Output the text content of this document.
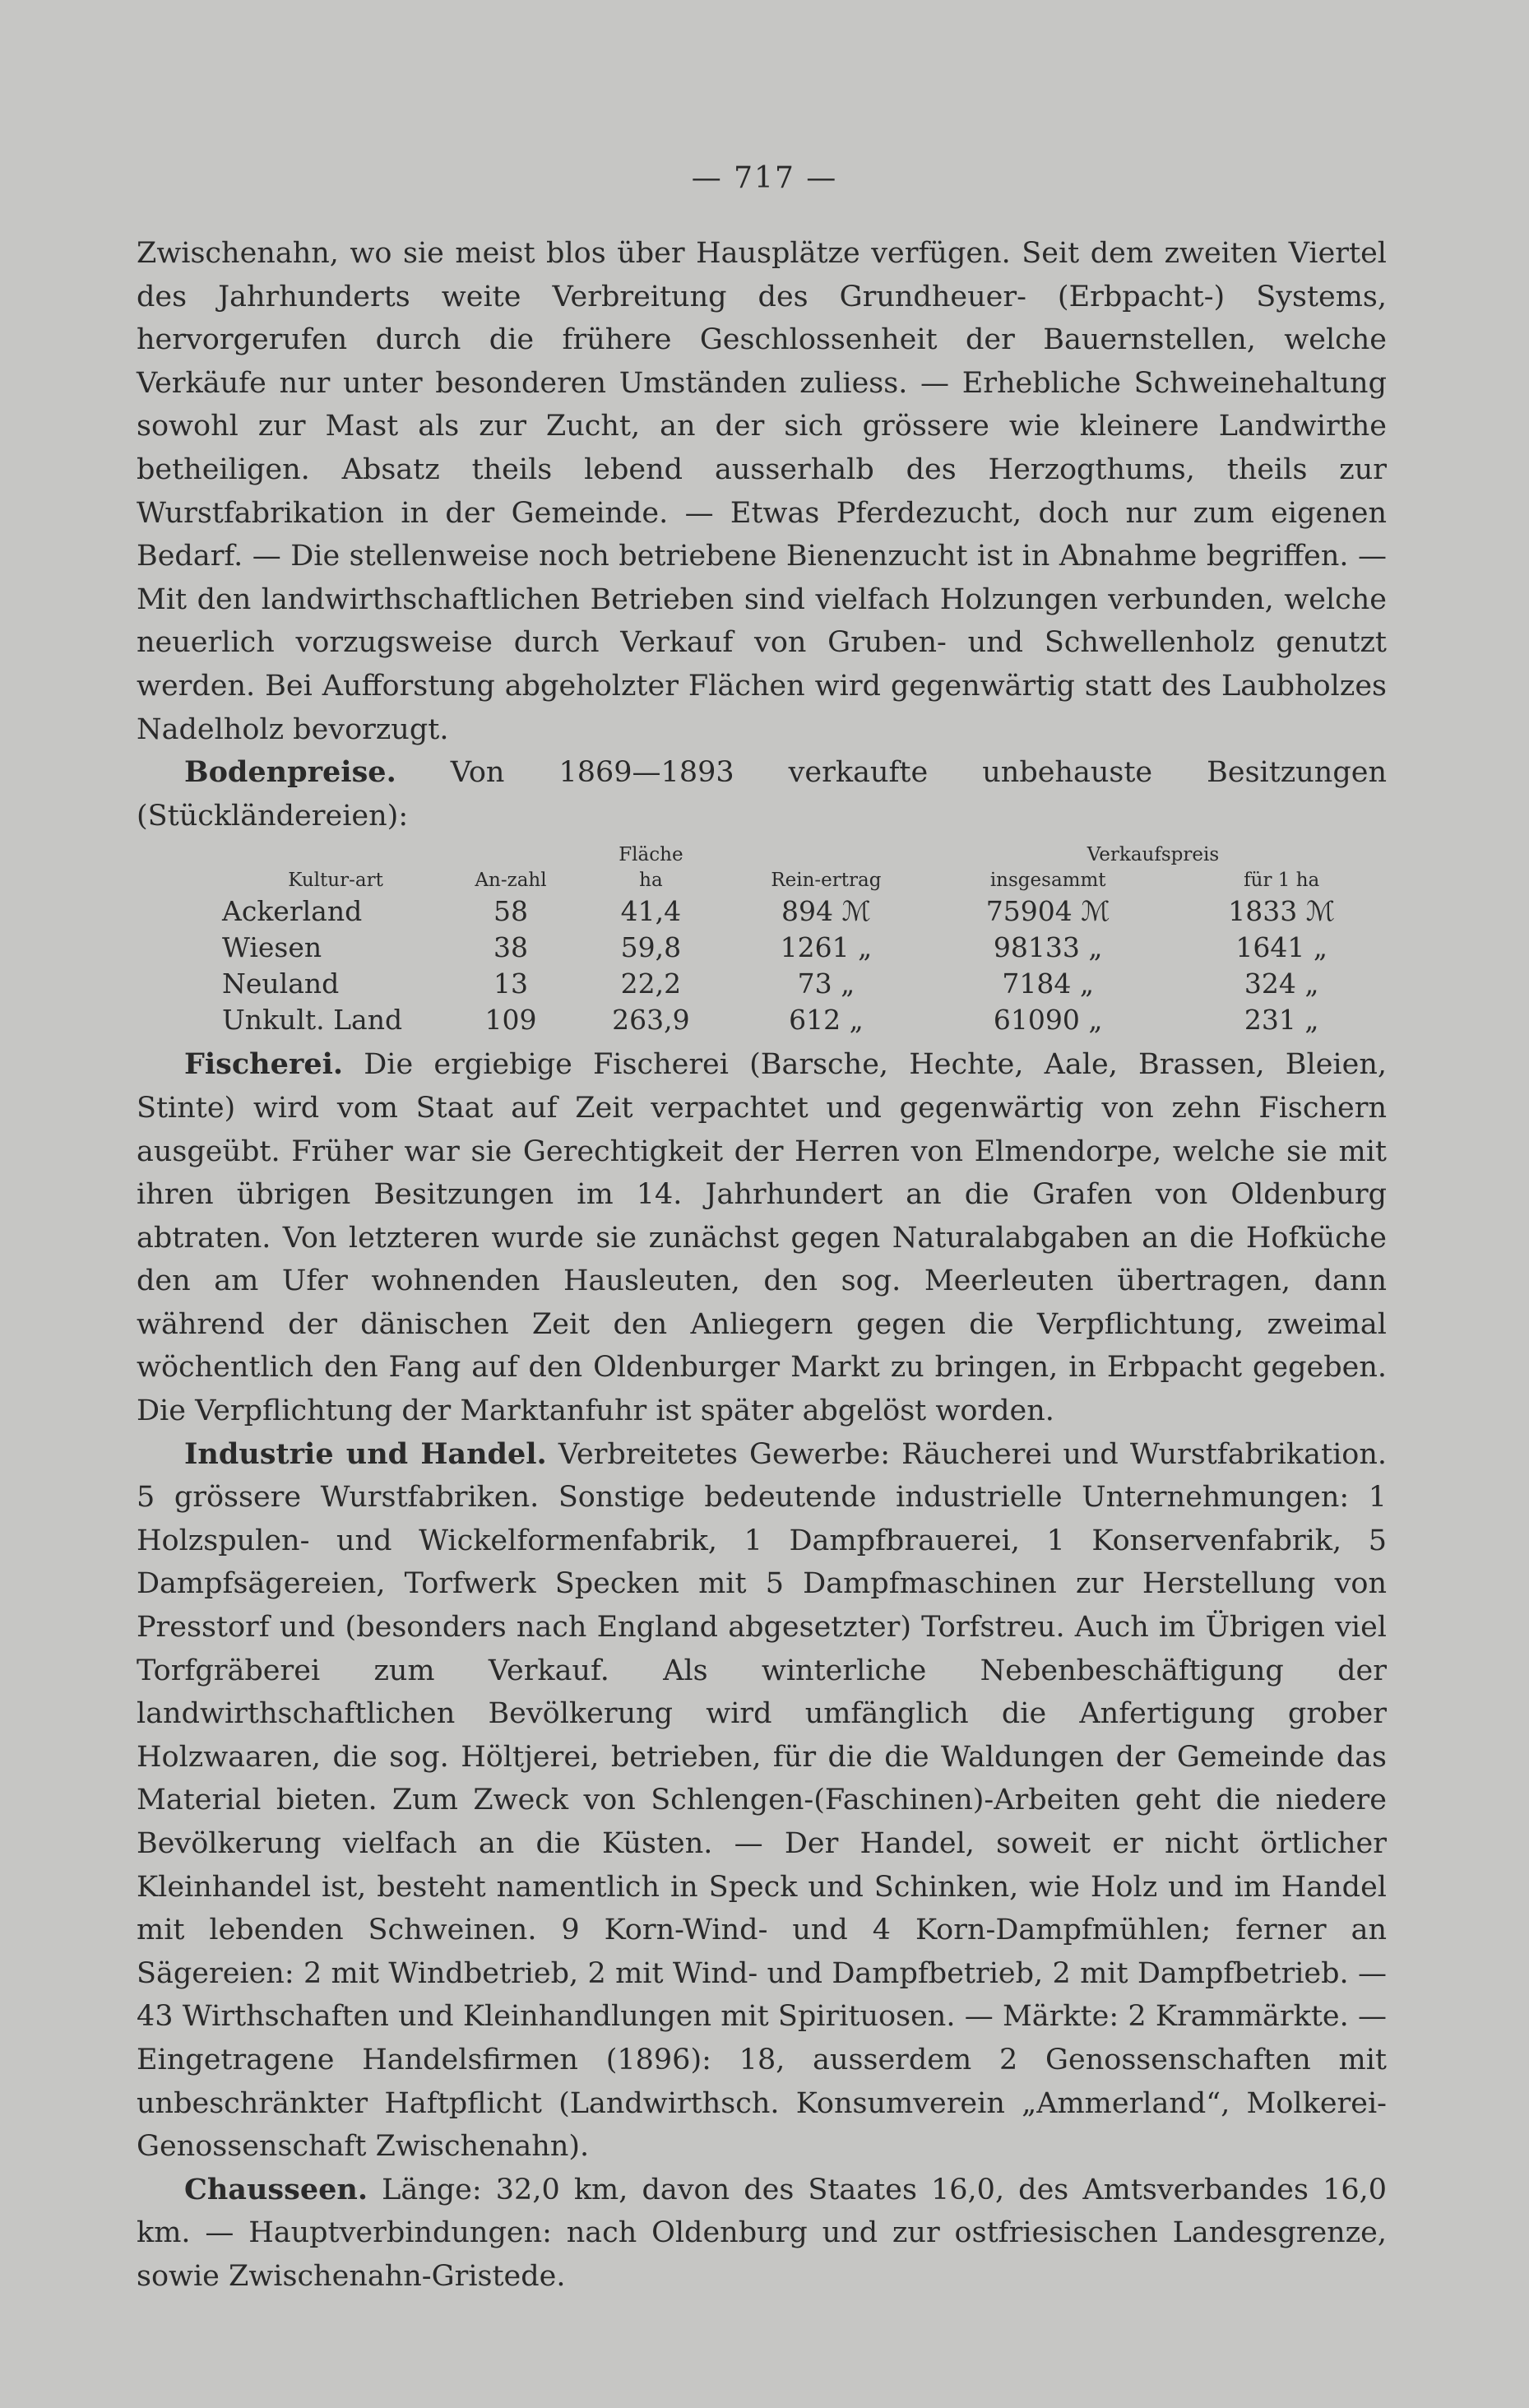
— 717 —

Zwischenahn, wo sie meist blos über Hausplätze verfügen. Seit dem zweiten Viertel des Jahrhunderts weite Verbreitung des Grundheuer- (Erbpacht-) Systems, hervorgerufen durch die frühere Geschlossenheit der Bauernstellen, welche Verkäufe nur unter besonderen Umständen zuliess. — Erhebliche Schweinehaltung sowohl zur Mast als zur Zucht, an der sich grössere wie kleinere Landwirthe betheiligen. Absatz theils lebend ausserhalb des Herzogthums, theils zur Wurstfabrikation in der Gemeinde. — Etwas Pferdezucht, doch nur zum eigenen Bedarf. — Die stellenweise noch betriebene Bienenzucht ist in Abnahme begriffen. — Mit den landwirthschaftlichen Betrieben sind vielfach Holzungen verbunden, welche neuerlich vorzugsweise durch Verkauf von Gruben- und Schwellenholz genutzt werden. Bei Aufforstung abgeholzter Flächen wird gegenwärtig statt des Laubholzes Nadelholz bevorzugt.

Bodenpreise. Von 1869—1893 verkaufte unbehauste Besitzungen (Stückländereien):

Kultur-art	An-zahl	Fläche	Rein-ertrag	Verkaufspreis	
		ha		insgesammt	für 1 ha
Ackerland	58	41,4	894 ℳ	75904 ℳ	1833 ℳ
Wiesen	38	59,8	1261 „	98133 „	1641 „
Neuland	13	22,2	73 „	7184 „	324 „
Unkult. Land	109	263,9	612 „	61090 „	231 „

Fischerei. Die ergiebige Fischerei (Barsche, Hechte, Aale, Brassen, Bleien, Stinte) wird vom Staat auf Zeit verpachtet und gegenwärtig von zehn Fischern ausgeübt. Früher war sie Gerechtigkeit der Herren von Elmendorpe, welche sie mit ihren übrigen Besitzungen im 14. Jahrhundert an die Grafen von Oldenburg abtraten. Von letzteren wurde sie zunächst gegen Naturalabgaben an die Hofküche den am Ufer wohnenden Hausleuten, den sog. Meerleuten übertragen, dann während der dänischen Zeit den Anliegern gegen die Verpflichtung, zweimal wöchentlich den Fang auf den Oldenburger Markt zu bringen, in Erbpacht gegeben. Die Verpflichtung der Marktanfuhr ist später abgelöst worden.

Industrie und Handel. Verbreitetes Gewerbe: Räucherei und Wurstfabrikation. 5 grössere Wurstfabriken. Sonstige bedeutende industrielle Unternehmungen: 1 Holzspulen- und Wickelformenfabrik, 1 Dampfbrauerei, 1 Konservenfabrik, 5 Dampfsägereien, Torfwerk Specken mit 5 Dampfmaschinen zur Herstellung von Presstorf und (besonders nach England abgesetzter) Torfstreu. Auch im Übrigen viel Torfgräberei zum Verkauf. Als winterliche Nebenbeschäftigung der landwirthschaftlichen Bevölkerung wird umfänglich die Anfertigung grober Holzwaaren, die sog. Höltjerei, betrieben, für die die Waldungen der Gemeinde das Material bieten. Zum Zweck von Schlengen-(Faschinen)-Arbeiten geht die niedere Bevölkerung vielfach an die Küsten. — Der Handel, soweit er nicht örtlicher Kleinhandel ist, besteht namentlich in Speck und Schinken, wie Holz und im Handel mit lebenden Schweinen. 9 Korn-Wind- und 4 Korn-Dampfmühlen; ferner an Sägereien: 2 mit Windbetrieb, 2 mit Wind- und Dampfbetrieb, 2 mit Dampfbetrieb. — 43 Wirthschaften und Kleinhandlungen mit Spirituosen. — Märkte: 2 Krammärkte. — Eingetragene Handelsfirmen (1896): 18, ausserdem 2 Genossenschaften mit unbeschränkter Haftpflicht (Landwirthsch. Konsumverein „Ammerland“, Molkerei-Genossenschaft Zwischenahn).

Chausseen. Länge: 32,0 km, davon des Staates 16,0, des Amtsverbandes 16,0 km. — Hauptverbindungen: nach Oldenburg und zur ostfriesischen Landesgrenze, sowie Zwischenahn-Gristede.
